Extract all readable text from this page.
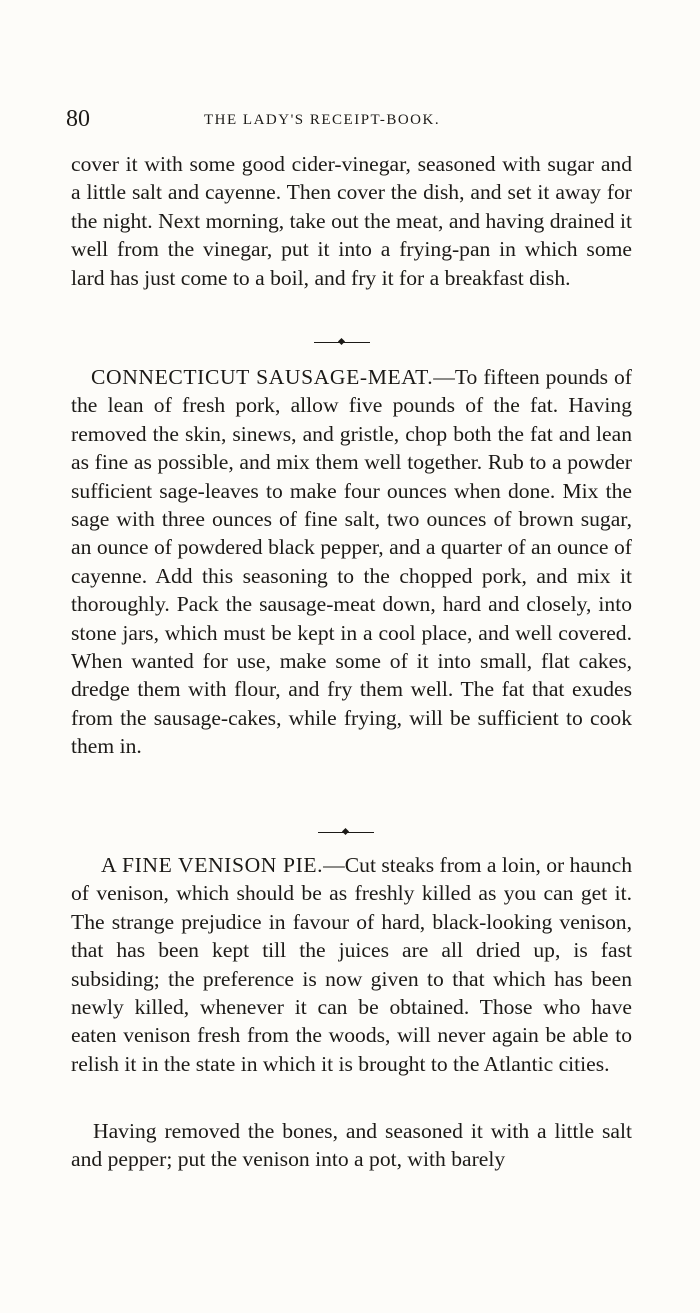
80	THE LADY'S RECEIPT-BOOK.

cover it with some good cider-vinegar, seasoned with sugar and a little salt and cayenne. Then cover the dish, and set it away for the night. Next morning, take out the meat, and having drained it well from the vinegar, put it into a frying-pan in which some lard has just come to a boil, and fry it for a breakfast dish.

CONNECTICUT SAUSAGE-MEAT.—To fifteen pounds of the lean of fresh pork, allow five pounds of the fat. Having removed the skin, sinews, and gristle, chop both the fat and lean as fine as possible, and mix them well together. Rub to a powder sufficient sage-leaves to make four ounces when done. Mix the sage with three ounces of fine salt, two ounces of brown sugar, an ounce of powdered black pepper, and a quarter of an ounce of cayenne. Add this seasoning to the chopped pork, and mix it thoroughly. Pack the sausage-meat down, hard and closely, into stone jars, which must be kept in a cool place, and well covered. When wanted for use, make some of it into small, flat cakes, dredge them with flour, and fry them well. The fat that exudes from the sausage-cakes, while frying, will be sufficient to cook them in.

A FINE VENISON PIE.—Cut steaks from a loin, or haunch of venison, which should be as freshly killed as you can get it. The strange prejudice in favour of hard, black-looking venison, that has been kept till the juices are all dried up, is fast subsiding; the preference is now given to that which has been newly killed, whenever it can be obtained. Those who have eaten venison fresh from the woods, will never again be able to relish it in the state in which it is brought to the Atlantic cities.

Having removed the bones, and seasoned it with a little salt and pepper; put the venison into a pot, with barely
